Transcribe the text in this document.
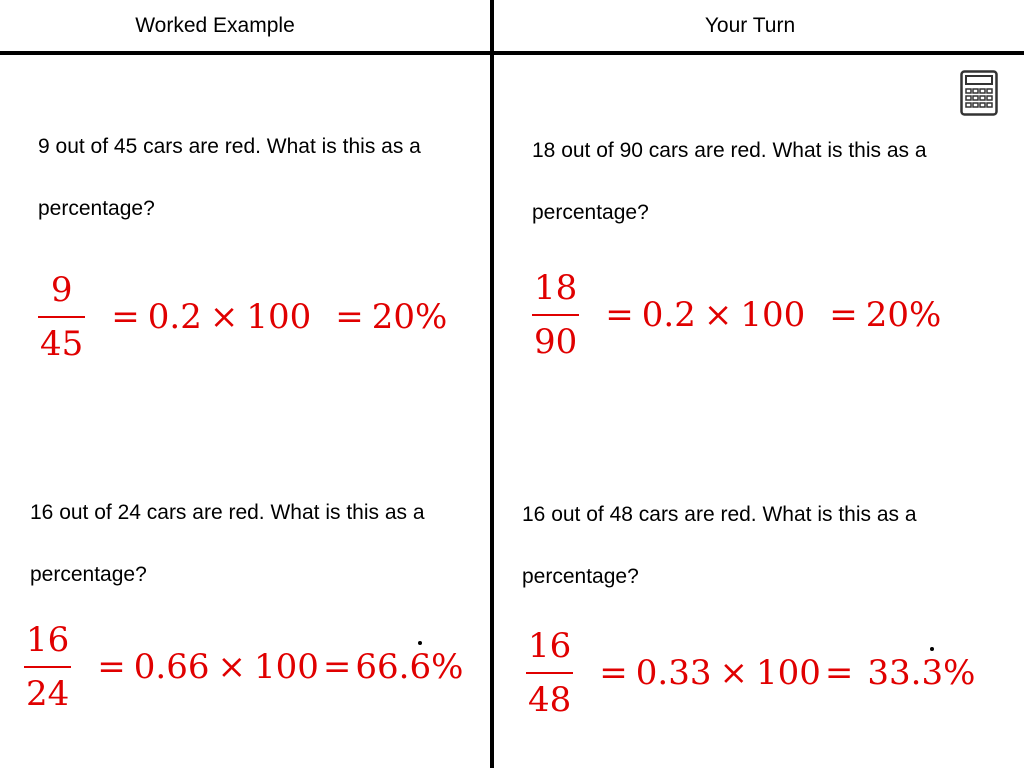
Worked Example	Your Turn
9 out of 45 cars are red. What is this as a percentage?
$\frac{9}{45} = 0.2 \times 100 = 20$ %
18 out of 90 cars are red. What is this as a percentage?
$\frac{18}{90} = 0.2 \times 100 = 20$ %
16 out of 24 cars are red. What is this as a percentage?
$\frac{16}{24} = 0.66 \times 100 = 66$. 6 %
16 out of 48 cars are red. What is this as a percentage?
$\frac{16}{48} = 0.33 \times 100 = 33$. 3 %
